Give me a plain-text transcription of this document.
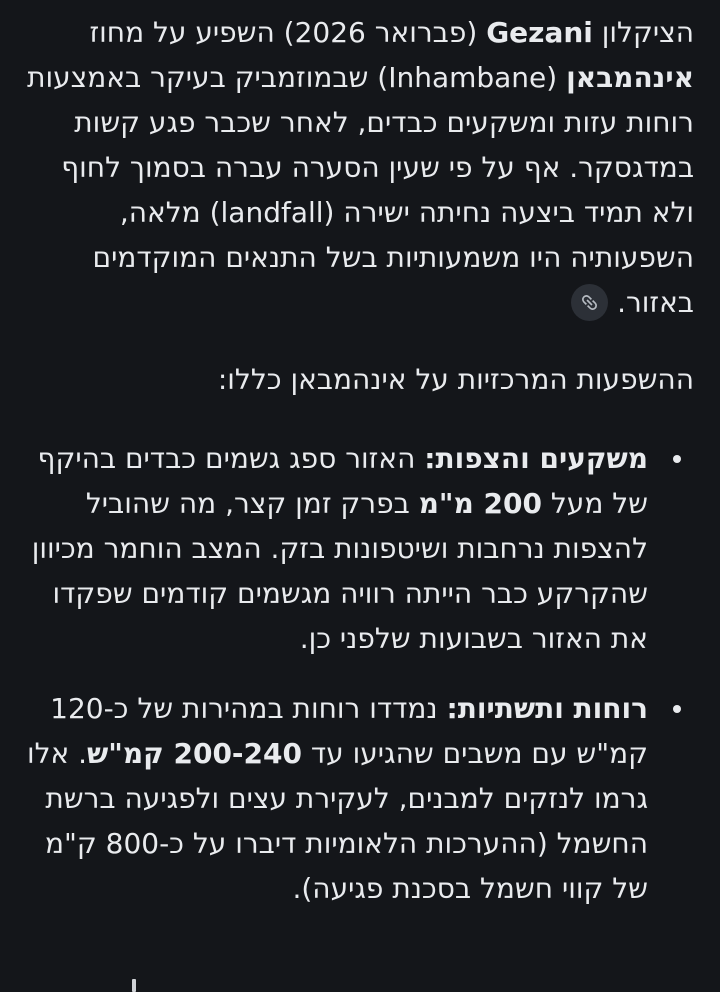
הציקלון Gezani (פברואר 2026) השפיע על מחוז אינהמבאן (Inhambane) שבמוזמביק בעיקר באמצעות רוחות עזות ומשקעים כבדים, לאחר שכבר פגע קשות במדגסקר. אף על פי שעין הסערה עברה בסמוך לחוף ולא תמיד ביצעה נחיתה ישירה (landfall) מלאה, השפעותיה היו משמעותיות בשל התנאים המוקדמים באזור.

ההשפעות המרכזיות על אינהמבאן כללו:

משקעים והצפות: האזור ספג גשמים כבדים בהיקף של מעל 200 מ"מ בפרק זמן קצר, מה שהוביל להצפות נרחבות ושיטפונות בזק. המצב הוחמר מכיוון שהקרקע כבר הייתה רוויה מגשמים קודמים שפקדו את האזור בשבועות שלפני כן.
רוחות ותשתיות: נמדדו רוחות במהירות של כ-120 קמ"ש עם משבים שהגיעו עד 200-240 קמ"ש. אלו גרמו לנזקים למבנים, לעקירת עצים ולפגיעה ברשת החשמל (ההערכות הלאומיות דיברו על כ-800 ק"מ של קווי חשמל בסכנת פגיעה).
